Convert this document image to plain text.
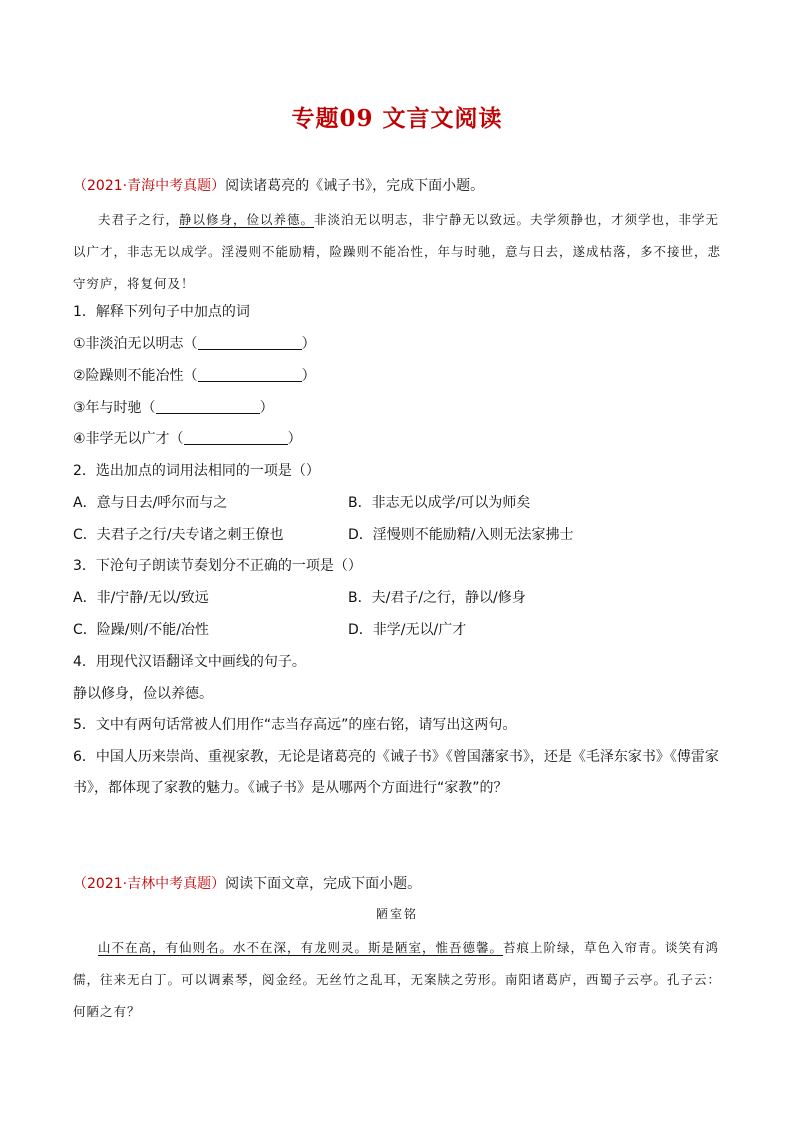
专题09 文言文阅读
（2021·青海中考真题）阅读诸葛亮的《诫子书》，完成下面小题。
夫君子之行，静以修身，俭以养德。非淡泊无以明志，非宁静无以致远。夫学须静也，才须学也，非学无以广才，非志无以成学。淫漫则不能励精，险躁则不能冶性，年与时驰，意与日去，遂成枯落，多不接世，悲守穷庐，将复何及！
1．解释下列句子中加点的词
①非淡泊无以明志（	）
②险躁则不能冶性（	）
③年与时驰（	）
④非学无以广才（	）
2．选出加点的词用法相同的一项是（）
A．意与日去/呼尔而与之	B．非志无以成学/可以为师矣
C．夫君子之行/夫专诸之刺王僚也	D．淫慢则不能励精/入则无法家拂士
3．下沧句子朗读节奏划分不正确的一项是（）
A．非/宁静/无以/致远	B．夫/君子/之行，静以/修身
C．险躁/则/不能/冶性	D．非学/无以/广才
4．用现代汉语翻译文中画线的句子。
静以修身，俭以养德。
5．文中有两句话常被人们用作“志当存高远”的座右铭，请写出这两句。
6．中国人历来崇尚、重视家教，无论是诸葛亮的《诫子书》《曾国藩家书》，还是《毛泽东家书》《傅雷家书》，都体现了家教的魅力。《诫子书》是从哪两个方面进行“家教”的？
（2021·吉林中考真题）阅读下面文章，完成下面小题。
陋室铭
山不在高，有仙则名。水不在深，有龙则灵。斯是陋室，惟吾德馨。苔痕上阶绿，草色入帘青。谈笑有鸿儒，往来无白丁。可以调素琴，阅金经。无丝竹之乱耳，无案牍之劳形。南阳诸葛庐，西蜀子云亭。孔子云：何陋之有？
